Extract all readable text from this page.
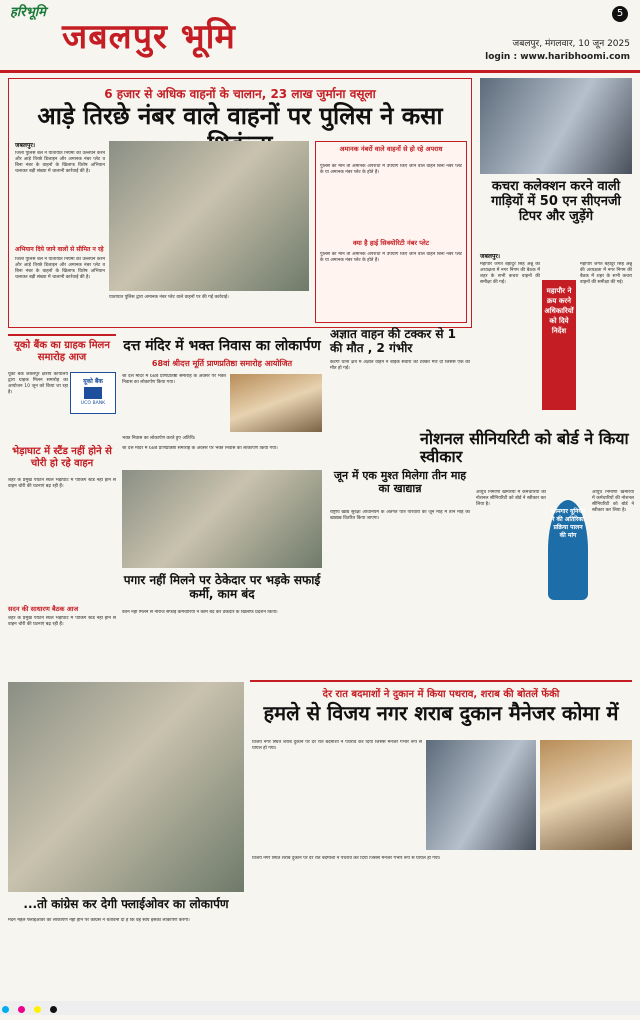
हरिभूमि
जबलपुर भूमि
5
जबलपुर, मंगलवार, 10 जून 2025
login : www.haribhoomi.com
6 हजार से अधिक वाहनों के चालान, 23 लाख जुर्माना वसूला
आड़े तिरछे नंबर वाले वाहनों पर पुलिस ने कसा
जबलपुर।
जिला पुलिस बल ने यातायात नियमों का उल्लंघन करने और आड़े तिरछे डिजाइन और अमानक नंबर प्लेट व बिना नंबर के वाहनों के खिलाफ विशेष अभियान चलाकर बड़ी संख्या में चालानी कार्रवाई की है।
अभियान दिये जाने वालों से सीमित न रहे
जिला पुलिस बल ने यातायात नियमों का उल्लंघन करने और आड़े तिरछे डिजाइन और अमानक नंबर प्लेट व बिना नंबर के वाहनों के खिलाफ विशेष अभियान चलाकर बड़ी संख्या में चालानी कार्रवाई की है।
यातायात पुलिस द्वारा अमानक नंबर प्लेट वाले वाहनों पर की गई कार्रवाई।
अमानक नंबरों वाले वाहनों से हो रहे अपराध
पुलिस की मानें तो अमानक अपराधों में उपयोग किए जाने वाले वाहन बिना नंबर प्लेट के या अमानक नंबर प्लेट के होते हैं।
क्या है हाई सिक्योरिटी नंबर प्लेट
पुलिस की मानें तो अमानक अपराधों में उपयोग किए जाने वाले वाहन बिना नंबर प्लेट के या अमानक नंबर प्लेट के होते हैं।
कचरा कलेक्शन करने वाली गाड़ियों में 50 एन सीएनजी टिपर और जुड़ेंगे
जबलपुर।
महापौर जगत बहादुर सिंह अन्नू की अध्यक्षता में नगर निगम की बैठक में शहर के सभी कचरा वाहनों की समीक्षा की गई।
महापौर ने क्रय करने अधिकारियों को दिये निर्देश
महापौर जगत बहादुर सिंह अन्नू की अध्यक्षता में नगर निगम की बैठक में शहर के सभी कचरा वाहनों की समीक्षा की गई।
यूको बैंक का ग्राहक मिलन समारोह आज
यूको बैंक
UCO BANK
यूको बैंक जबलपुर क्षेत्रीय कार्यालय द्वारा ग्राहक मिलन समारोह का आयोजन 10 जून को किया जा रहा है।
भेड़ाघाट में स्टैंड नहीं होने से चोरी हो रहे वाहन
शहर के प्रमुख पर्यटन स्थल भेड़ाघाट में पार्किंग स्टैंड नहीं होने से वाहन चोरी की घटनाएं बढ़ रही हैं।
सदन की साधारण बैठक आज
शहर के प्रमुख पर्यटन स्थल भेड़ाघाट में पार्किंग स्टैंड नहीं होने से वाहन चोरी की घटनाएं बढ़ रही हैं।
दत्त मंदिर में भक्त निवास का लोकार्पण
68वां श्रीदत्त मूर्ति प्राणप्रतिष्ठा समारोह आयोजित
श्री दत्त मंदिर में 68वें प्राणप्रतिष्ठा समारोह के अवसर पर भक्त निवास का लोकार्पण किया गया।
भक्त निवास का लोकार्पण करते हुए अतिथि।
श्री दत्त मंदिर में 68वें प्राणप्रतिष्ठा समारोह के अवसर पर भक्त निवास का लोकार्पण किया गया।
अज्ञात वाहन की टक्कर से 1 की मौत , 2 गंभीर
कटंगी थाना क्षेत्र में अज्ञात वाहन ने बाइक सवारों को टक्कर मार दी जिससे एक की मौत हो गई।
जून में एक मुश्त मिलेगा तीन माह का खाद्यान्न
राष्ट्रीय खाद्य सुरक्षा अधिनियम के अंतर्गत पात्र परिवारों को जून माह में तीन माह का खाद्यान्न वितरित किया जाएगा।
नोशनल सीनियरिटी को बोर्ड ने किया स्वीकार
आयुध निर्माणी खमरिया में कर्मचारियों की नोशनल सीनियरिटी को बोर्ड ने स्वीकार कर लिया है।
कामगार यूनियन ने की अतिरिक्त प्रक्रिया पालन की मांग
आयुध निर्माणी खमरिया में कर्मचारियों की नोशनल सीनियरिटी को बोर्ड ने स्वीकार कर लिया है।
पगार नहीं मिलने पर ठेकेदार पर भड़के सफाई कर्मी, काम बंद
वेतन नहीं मिलने से नाराज सफाई कर्मचारियों ने काम बंद कर ठेकेदार के खिलाफ प्रदर्शन किया।
देर रात बदमाशों ने दुकान में किया पथराव, शराब की बोतलें फेंकी
हमले से विजय नगर शराब दुकान मैनेजर कोमा में
विजय नगर स्थित शराब दुकान पर देर रात बदमाशों ने पथराव कर दिया जिससे मैनेजर गंभीर रूप से घायल हो गया।
विजय नगर स्थित शराब दुकान पर देर रात बदमाशों ने पथराव कर दिया जिससे मैनेजर गंभीर रूप से घायल हो गया।
...तो कांग्रेस कर देगी फ्लाईओवर का लोकार्पण
मदन महल फ्लाईओवर का लोकार्पण नहीं होने पर कांग्रेस ने चेतावनी दी है कि वह स्वयं इसका लोकार्पण करेगी।
